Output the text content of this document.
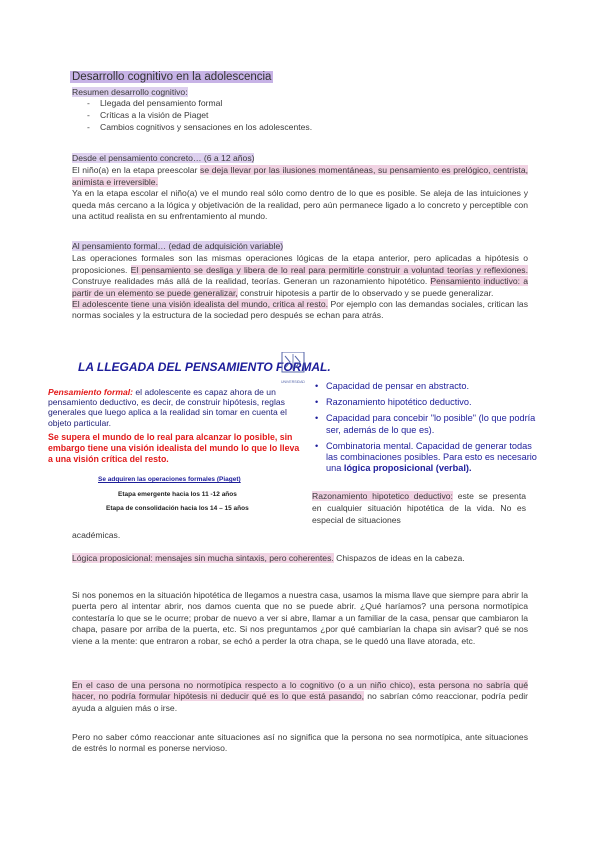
Desarrollo cognitivo en la adolescencia
Resumen desarrollo cognitivo:
- Llegada del pensamiento formal
- Críticas a la visión de Piaget
- Cambios cognitivos y sensaciones en los adolescentes.
Desde el pensamiento concreto… (6 a 12 años)
El niño(a) en la etapa preescolar se deja llevar por las ilusiones momentáneas, su pensamiento es prelógico, centrista, animista e irreversible.
Ya en la etapa escolar el niño(a) ve el mundo real sólo como dentro de lo que es posible. Se aleja de las intuiciones y queda más cercano a la lógica y objetivación de la realidad, pero aún permanece ligado a lo concreto y perceptible con una actitud realista en su enfrentamiento al mundo.
Al pensamiento formal… (edad de adquisición variable)
Las operaciones formales son las mismas operaciones lógicas de la etapa anterior, pero aplicadas a hipótesis o proposiciones. El pensamiento se desliga y libera de lo real para permitirle construir a voluntad teorías y reflexiones. Construye realidades más allá de la realidad, teorías. Generan un razonamiento hipotético. Pensamiento inductivo: a partir de un elemento se puede generalizar, construir hipotesis a partir de lo observado y se puede generalizar.
El adolescente tiene una visión idealista del mundo, critica al resto. Por ejemplo con las demandas sociales, critican las normas sociales y la estructura de la sociedad pero después se echan para atrás.
LA LLEGADA DEL PENSAMIENTO FORMAL.
UNIVERSIDAD
Pensamiento formal: el adolescente es capaz ahora de un pensamiento deductivo, es decir, de construir hipótesis, reglas generales que luego aplica a la realidad sin tomar en cuenta el objeto particular.
Se supera el mundo de lo real para alcanzar lo posible, sin embargo tiene una visión idealista del mundo lo que lo lleva a una visión crítica del resto.
Se adquiren las operaciones formales (Piaget)
Etapa emergente hacia los 11 -12 años
Etapa de consolidación hacia los 14 – 15 años
• Capacidad de pensar en abstracto.
• Razonamiento hipotético deductivo.
• Capacidad para concebir "lo posible" (lo que podría ser, además de lo que es).
• Combinatoria mental. Capacidad de generar todas las combinaciones posibles. Para esto es necesario una lógica proposicional (verbal).
Razonamiento hipotetico deductivo: este se presenta en cualquier situación hipotética de la vida. No es especial de situaciones
académicas.
Lógica proposicional: mensajes sin mucha sintaxis, pero coherentes. Chispazos de ideas en la cabeza.
Si nos ponemos en la situación hipotética de llegamos a nuestra casa, usamos la misma llave que siempre para abrir la puerta pero al intentar abrir, nos damos cuenta que no se puede abrir. ¿Qué haríamos? una persona normotípica contestaría lo que se le ocurre; probar de nuevo a ver si abre, llamar a un familiar de la casa, pensar que cambiaron la chapa, pasare por arriba de la puerta, etc. Si nos preguntamos ¿por qué cambiarían la chapa sin avisar? qué se nos viene a la mente: que entraron a robar, se echó a perder la otra chapa, se le quedó una llave atorada, etc.
En el caso de una persona no normotípica respecto a lo cognitivo (o a un niño chico), esta persona no sabría qué hacer, no podría formular hipótesis ni deducir qué es lo que está pasando, no sabrían cómo reaccionar, podría pedir ayuda a alguien más o irse.
Pero no saber cómo reaccionar ante situaciones así no significa que la persona no sea normotípica, ante situaciones de estrés lo normal es ponerse nervioso.
